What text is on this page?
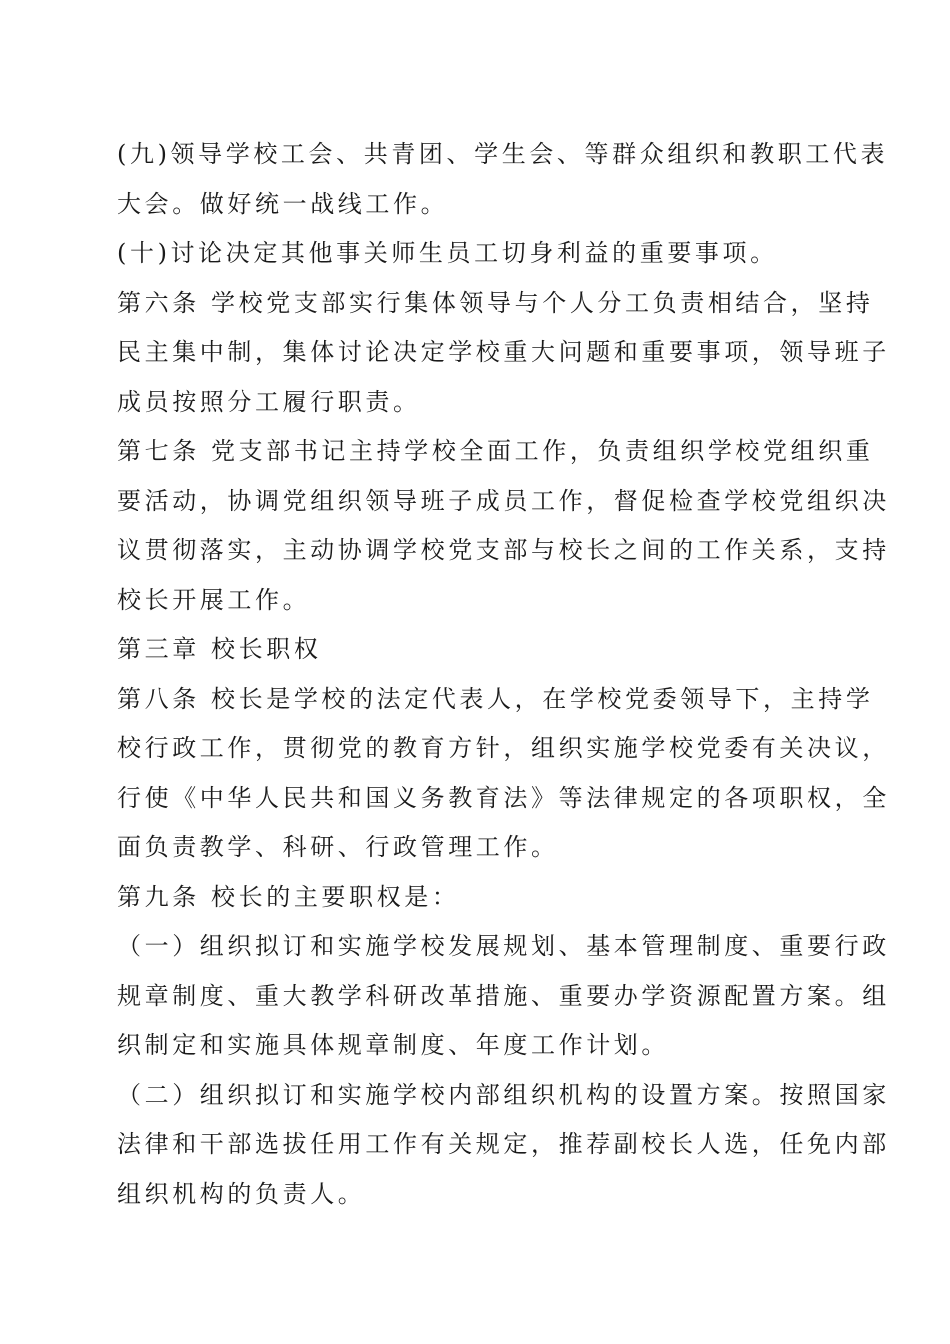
(九)领导学校工会、共青团、学生会、等群众组织和教职工代表
大会。做好统一战线工作。
(十)讨论决定其他事关师生员工切身利益的重要事项。
第六条 学校党支部实行集体领导与个人分工负责相结合，坚持
民主集中制，集体讨论决定学校重大问题和重要事项，领导班子
成员按照分工履行职责。
第七条 党支部书记主持学校全面工作，负责组织学校党组织重
要活动，协调党组织领导班子成员工作，督促检查学校党组织决
议贯彻落实，主动协调学校党支部与校长之间的工作关系，支持
校长开展工作。
第三章 校长职权
第八条 校长是学校的法定代表人，在学校党委领导下，主持学
校行政工作，贯彻党的教育方针，组织实施学校党委有关决议，
行使《中华人民共和国义务教育法》等法律规定的各项职权，全
面负责教学、科研、行政管理工作。
第九条 校长的主要职权是：
（一）组织拟订和实施学校发展规划、基本管理制度、重要行政
规章制度、重大教学科研改革措施、重要办学资源配置方案。组
织制定和实施具体规章制度、年度工作计划。
（二）组织拟订和实施学校内部组织机构的设置方案。按照国家
法律和干部选拔任用工作有关规定，推荐副校长人选，任免内部
组织机构的负责人。
